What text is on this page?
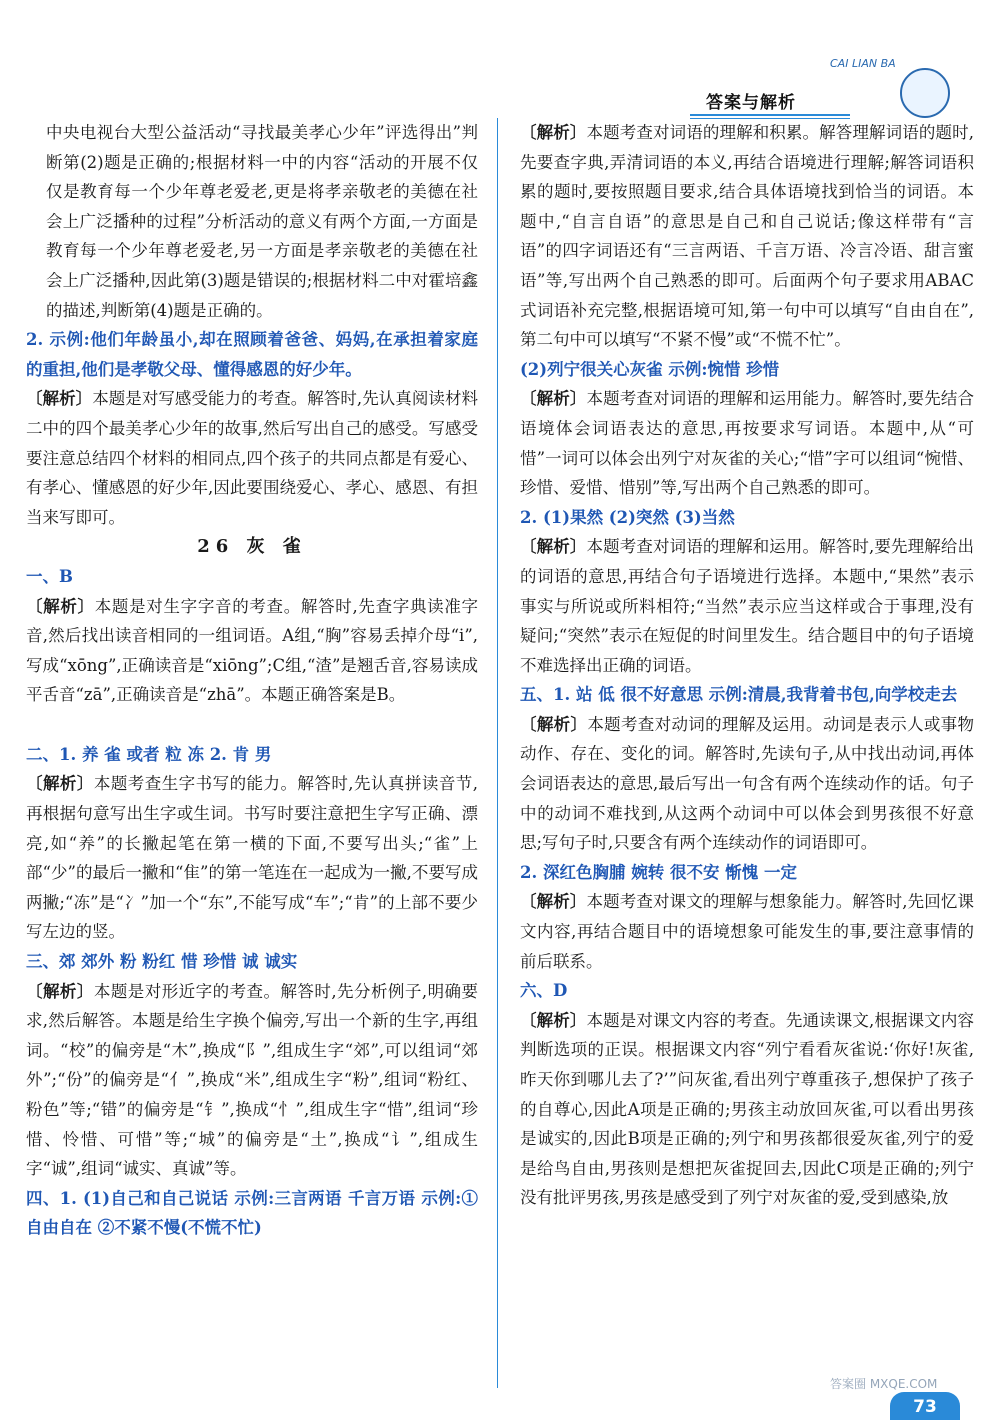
答案与解析
CAI LIAN BA

中央电视台大型公益活动“寻找最美孝心少年”评选得出”判断第(2)题是正确的;根据材料一中的内容“活动的开展不仅仅是教育每一个少年尊老爱老,更是将孝亲敬老的美德在社会上广泛播种的过程”分析活动的意义有两个方面,一方面是教育每一个少年尊老爱老,另一方面是孝亲敬老的美德在社会上广泛播种,因此第(3)题是错误的;根据材料二中对霍培鑫的描述,判断第(4)题是正确的。

2. 示例:他们年龄虽小,却在照顾着爸爸、妈妈,在承担着家庭的重担,他们是孝敬父母、懂得感恩的好少年。

〔解析〕本题是对写感受能力的考查。解答时,先认真阅读材料二中的四个最美孝心少年的故事,然后写出自己的感受。写感受要注意总结四个材料的相同点,四个孩子的共同点都是有爱心、有孝心、懂感恩的好少年,因此要围绕爱心、孝心、感恩、有担当来写即可。

26 灰 雀

一、B

〔解析〕本题是对生字字音的考查。解答时,先查字典读准字音,然后找出读音相同的一组词语。A组,“胸”容易丢掉介母“i”,写成“xōng”,正确读音是“xiōng”;C组,“渣”是翘舌音,容易读成平舌音“zā”,正确读音是“zhā”。本题正确答案是B。

二、1. 养 雀 或者 粒 冻 2. 肯 男

〔解析〕本题考查生字书写的能力。解答时,先认真拼读音节,再根据句意写出生字或生词。书写时要注意把生字写正确、漂亮,如“养”的长撇起笔在第一横的下面,不要写出头;“雀”上部“少”的最后一撇和“隹”的第一笔连在一起成为一撇,不要写成两撇;“冻”是“冫”加一个“东”,不能写成“车”;“肯”的上部不要少写左边的竖。

三、郊 郊外 粉 粉红 惜 珍惜 诚 诚实

〔解析〕本题是对形近字的考查。解答时,先分析例子,明确要求,然后解答。本题是给生字换个偏旁,写出一个新的生字,再组词。“校”的偏旁是“木”,换成“阝”,组成生字“郊”,可以组词“郊外”;“份”的偏旁是“亻”,换成“米”,组成生字“粉”,组词“粉红、粉色”等;“错”的偏旁是“钅”,换成“忄”,组成生字“惜”,组词“珍惜、怜惜、可惜”等;“城”的偏旁是“土”,换成“讠”,组成生字“诚”,组词“诚实、真诚”等。

四、1. (1)自己和自己说话 示例:三言两语 千言万语 示例:①自由自在 ②不紧不慢(不慌不忙)

〔解析〕本题考查对词语的理解和积累。解答理解词语的题时,先要查字典,弄清词语的本义,再结合语境进行理解;解答词语积累的题时,要按照题目要求,结合具体语境找到恰当的词语。本题中,“自言自语”的意思是自己和自己说话;像这样带有“言语”的四字词语还有“三言两语、千言万语、冷言冷语、甜言蜜语”等,写出两个自己熟悉的即可。后面两个句子要求用ABAC式词语补充完整,根据语境可知,第一句中可以填写“自由自在”,第二句中可以填写“不紧不慢”或“不慌不忙”。

(2)列宁很关心灰雀 示例:惋惜 珍惜

〔解析〕本题考查对词语的理解和运用能力。解答时,要先结合语境体会词语表达的意思,再按要求写词语。本题中,从“可惜”一词可以体会出列宁对灰雀的关心;“惜”字可以组词“惋惜、珍惜、爱惜、惜别”等,写出两个自己熟悉的即可。

2. (1)果然 (2)突然 (3)当然

〔解析〕本题考查对词语的理解和运用。解答时,要先理解给出的词语的意思,再结合句子语境进行选择。本题中,“果然”表示事实与所说或所料相符;“当然”表示应当这样或合于事理,没有疑问;“突然”表示在短促的时间里发生。结合题目中的句子语境不难选择出正确的词语。

五、1. 站 低 很不好意思 示例:清晨,我背着书包,向学校走去

〔解析〕本题考查对动词的理解及运用。动词是表示人或事物动作、存在、变化的词。解答时,先读句子,从中找出动词,再体会词语表达的意思,最后写出一句含有两个连续动作的话。句子中的动词不难找到,从这两个动词中可以体会到男孩很不好意思;写句子时,只要含有两个连续动作的词语即可。

2. 深红色胸脯 婉转 很不安 惭愧 一定

〔解析〕本题考查对课文的理解与想象能力。解答时,先回忆课文内容,再结合题目中的语境想象可能发生的事,要注意事情的前后联系。

六、D

〔解析〕本题是对课文内容的考查。先通读课文,根据课文内容判断选项的正误。根据课文内容“列宁看看灰雀说:‘你好!灰雀,昨天你到哪儿去了?’”问灰雀,看出列宁尊重孩子,想保护了孩子的自尊心,因此A项是正确的;男孩主动放回灰雀,可以看出男孩是诚实的,因此B项是正确的;列宁和男孩都很爱灰雀,列宁的爱是给鸟自由,男孩则是想把灰雀捉回去,因此C项是正确的;列宁没有批评男孩,男孩是感受到了列宁对灰雀的爱,受到感染,放

答案圈 MXQE.COM
73
